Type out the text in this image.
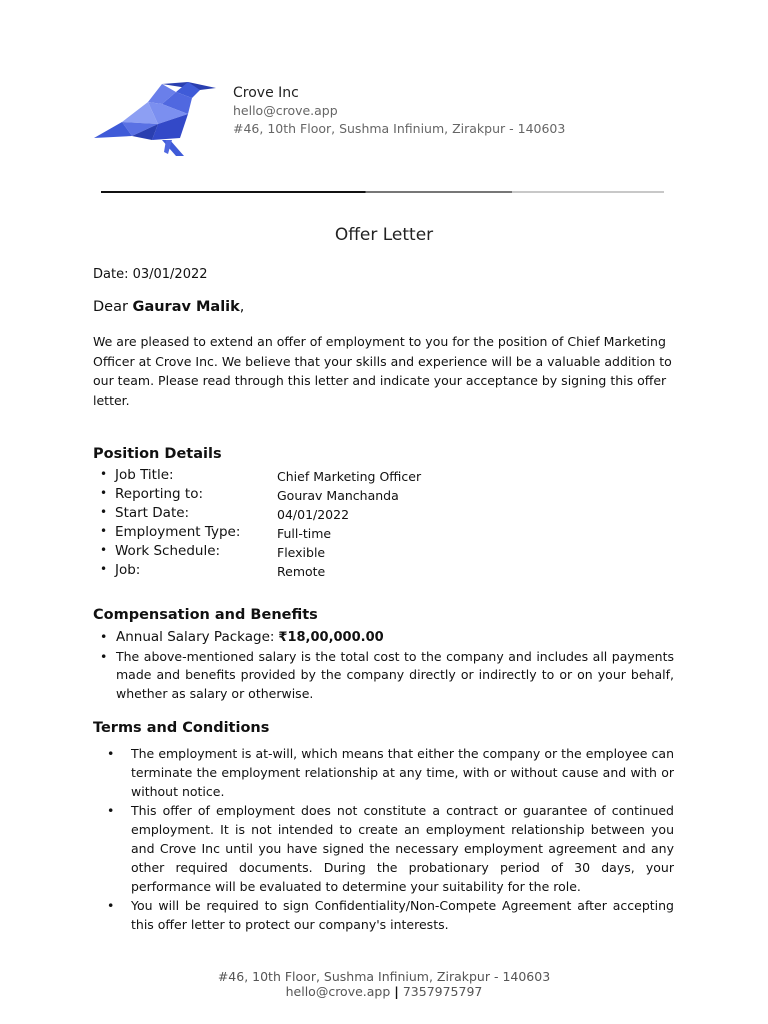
Crove Inc
hello@crove.app
#46, 10th Floor, Sushma Infinium, Zirakpur - 140603
Offer Letter
Date: 03/01/2022
Dear Gaurav Malik,
We are pleased to extend an offer of employment to you for the position of Chief Marketing Officer at Crove Inc. We believe that your skills and experience will be a valuable addition to our team. Please read through this letter and indicate your acceptance by signing this offer letter.
Position Details
• Job Title:	Chief Marketing Officer
• Reporting to:	Gourav Manchanda
• Start Date:	04/01/2022
• Employment Type:	Full-time
• Work Schedule:	Flexible
• Job:	Remote
Compensation and Benefits
• Annual Salary Package: ₹18,00,000.00
• The above-mentioned salary is the total cost to the company and includes all payments made and benefits provided by the company directly or indirectly to or on your behalf, whether as salary or otherwise.
Terms and Conditions
• The employment is at-will, which means that either the company or the employee can terminate the employment relationship at any time, with or without cause and with or without notice.
• This offer of employment does not constitute a contract or guarantee of continued employment. It is not intended to create an employment relationship between you and Crove Inc until you have signed the necessary employment agreement and any other required documents. During the probationary period of 30 days, your performance will be evaluated to determine your suitability for the role.
• You will be required to sign Confidentiality/Non-Compete Agreement after accepting this offer letter to protect our company's interests.
#46, 10th Floor, Sushma Infinium, Zirakpur - 140603
hello@crove.app | 7357975797
